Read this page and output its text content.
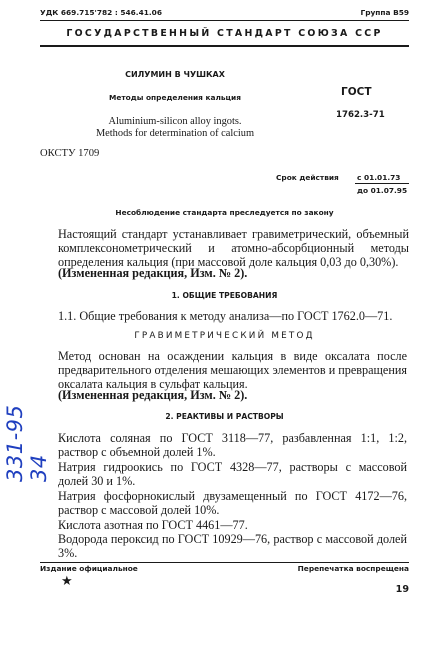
УДК 669.715'782 : 546.41.06	Группа В59
ГОСУДАРСТВЕННЫЙ СТАНДАРТ СОЮЗА ССР
СИЛУМИН В ЧУШКАХ
Методы определения кальция
Aluminium-silicon alloy ingots.
Methods for determination of calcium
ГОСТ
1762.3-71
ОКСТУ 1709
Срок действия с 01.01.73
до 01.07.95
Несоблюдение стандарта преследуется по закону
Настоящий стандарт устанавливает гравиметрический, объемный комплексонометрический и атомно-абсорбционный методы определения кальция (при массовой доле кальция 0,03 до 0,30%).
(Измененная редакция, Изм. № 2).
1. ОБЩИЕ ТРЕБОВАНИЯ
1.1. Общие требования к методу анализа—по ГОСТ 1762.0—71.
ГРАВИМЕТРИЧЕСКИЙ МЕТОД
Метод основан на осаждении кальция в виде оксалата после предварительного отделения мешающих элементов и превращения оксалата кальция в сульфат кальция.
(Измененная редакция, Изм. № 2).
2. РЕАКТИВЫ И РАСТВОРЫ
Кислота соляная по ГОСТ 3118—77, разбавленная 1:1, 1:2, раствор с объемной долей 1%.
Натрия гидроокись по ГОСТ 4328—77, растворы с массовой долей 30 и 1%.
Натрия фосфорнокислый двузамещенный по ГОСТ 4172—76, раствор с массовой долей 10%.
Кислота азотная по ГОСТ 4461—77.
Водорода пероксид по ГОСТ 10929—76, раствор с массовой долей 3%.
Издание официальное	Перепечатка воспрещена
★
19
331-95 34
